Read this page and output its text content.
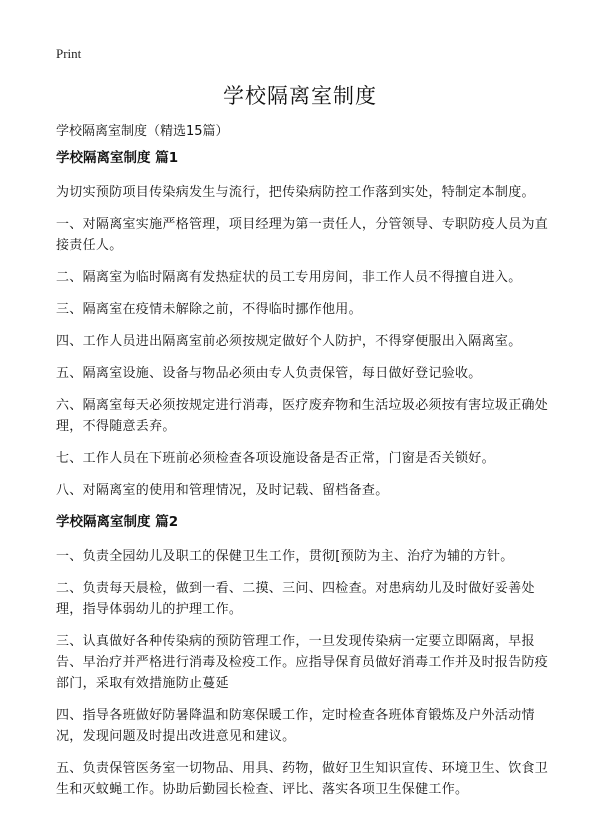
Print
学校隔离室制度
学校隔离室制度（精选15篇）
学校隔离室制度 篇1

为切实预防项目传染病发生与流行，把传染病防控工作落到实处，特制定本制度。

一、对隔离室实施严格管理，项目经理为第一责任人，分管领导、专职防疫人员为直接责任人。

二、隔离室为临时隔离有发热症状的员工专用房间，非工作人员不得擅自进入。

三、隔离室在疫情未解除之前，不得临时挪作他用。

四、工作人员进出隔离室前必须按规定做好个人防护，不得穿便服出入隔离室。

五、隔离室设施、设备与物品必须由专人负责保管，每日做好登记验收。

六、隔离室每天必须按规定进行消毒，医疗废弃物和生活垃圾必须按有害垃圾正确处理，不得随意丢弃。

七、工作人员在下班前必须检查各项设施设备是否正常，门窗是否关锁好。

八、对隔离室的使用和管理情况，及时记载、留档备查。

学校隔离室制度 篇2

一、负责全园幼儿及职工的保健卫生工作，贯彻[预防为主、治疗为辅的方针。

二、负责每天晨检，做到一看、二摸、三问、四检查。对患病幼儿及时做好妥善处理，指导体弱幼儿的护理工作。

三、认真做好各种传染病的预防管理工作，一旦发现传染病一定要立即隔离，早报告、早治疗并严格进行消毒及检疫工作。应指导保育员做好消毒工作并及时报告防疫部门，采取有效措施防止蔓延

四、指导各班做好防暑降温和防寒保暖工作，定时检查各班体育锻炼及户外活动情况，发现问题及时提出改进意见和建议。

五、负责保管医务室一切物品、用具、药物，做好卫生知识宣传、环境卫生、饮食卫生和灭蚊蝇工作。协助后勤园长检查、评比、落实各项卫生保健工作。
